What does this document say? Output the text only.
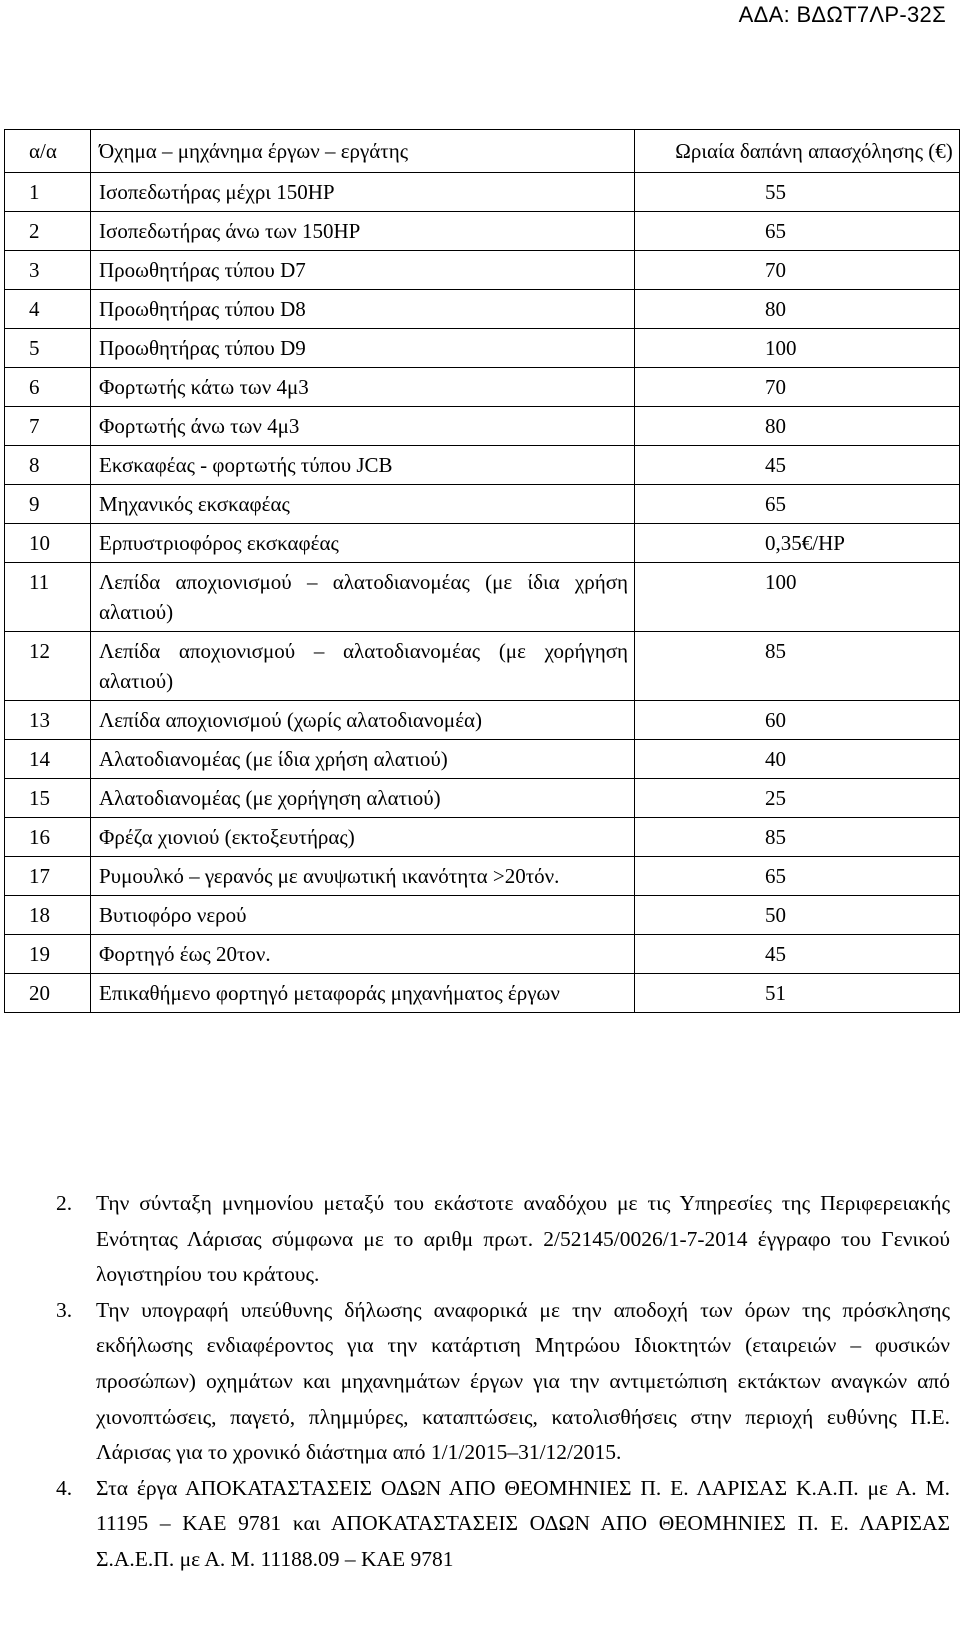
ΑΔΑ: ΒΔΩΤ7ΛΡ-32Σ
α/α	Όχημα – μηχάνημα έργων – εργάτης	Ωριαία δαπάνη απασχόλησης (€)
1	Ισοπεδωτήρας μέχρι 150HP	55
2	Ισοπεδωτήρας άνω των 150HP	65
3	Προωθητήρας τύπου D7	70
4	Προωθητήρας τύπου D8	80
5	Προωθητήρας τύπου D9	100
6	Φορτωτής κάτω των 4μ3	70
7	Φορτωτής άνω των 4μ3	80
8	Εκσκαφέας - φορτωτής τύπου JCB	45
9	Μηχανικός εκσκαφέας	65
10	Ερπυστριοφόρος εκσκαφέας	0,35€/HP
11	Λεπίδα αποχιονισμού – αλατοδιανομέας (με ίδια χρήση αλατιού)	100
12	Λεπίδα αποχιονισμού – αλατοδιανομέας (με χορήγηση αλατιού)	85
13	Λεπίδα αποχιονισμού (χωρίς αλατοδιανομέα)	60
14	Αλατοδιανομέας (με ίδια χρήση αλατιού)	40
15	Αλατοδιανομέας (με χορήγηση αλατιού)	25
16	Φρέζα χιονιού (εκτοξευτήρας)	85
17	Ρυμουλκό – γερανός με ανυψωτική ικανότητα >20τόν.	65
18	Βυτιοφόρο νερού	50
19	Φορτηγό έως 20τον.	45
20	Επικαθήμενο φορτηγό μεταφοράς μηχανήματος έργων	51
2. Την σύνταξη μνημονίου μεταξύ του εκάστοτε αναδόχου με τις Υπηρεσίες της Περιφερειακής Ενότητας Λάρισας σύμφωνα με το αριθμ πρωτ. 2/52145/0026/1-7-2014 έγγραφο του Γενικού λογιστηρίου του κράτους.
3. Την υπογραφή υπεύθυνης δήλωσης αναφορικά με την αποδοχή των όρων της πρόσκλησης εκδήλωσης ενδιαφέροντος για την κατάρτιση Μητρώου Ιδιοκτητών (εταιρειών – φυσικών προσώπων) οχημάτων και μηχανημάτων έργων για την αντιμετώπιση εκτάκτων αναγκών από χιονοπτώσεις, παγετό, πλημμύρες, καταπτώσεις, κατολισθήσεις στην περιοχή ευθύνης Π.Ε. Λάρισας για το χρονικό διάστημα από 1/1/2015–31/12/2015.
4. Στα έργα ΑΠΟΚΑΤΑΣΤΑΣΕΙΣ ΟΔΩΝ ΑΠΟ ΘΕΟΜΗΝΙΕΣ Π. Ε. ΛΑΡΙΣΑΣ Κ.Α.Π. με Α. Μ. 11195 – ΚΑΕ 9781 και ΑΠΟΚΑΤΑΣΤΑΣΕΙΣ ΟΔΩΝ ΑΠΟ ΘΕΟΜΗΝΙΕΣ Π. Ε. ΛΑΡΙΣΑΣ Σ.Α.Ε.Π. με Α. Μ. 11188.09 – ΚΑΕ 9781
